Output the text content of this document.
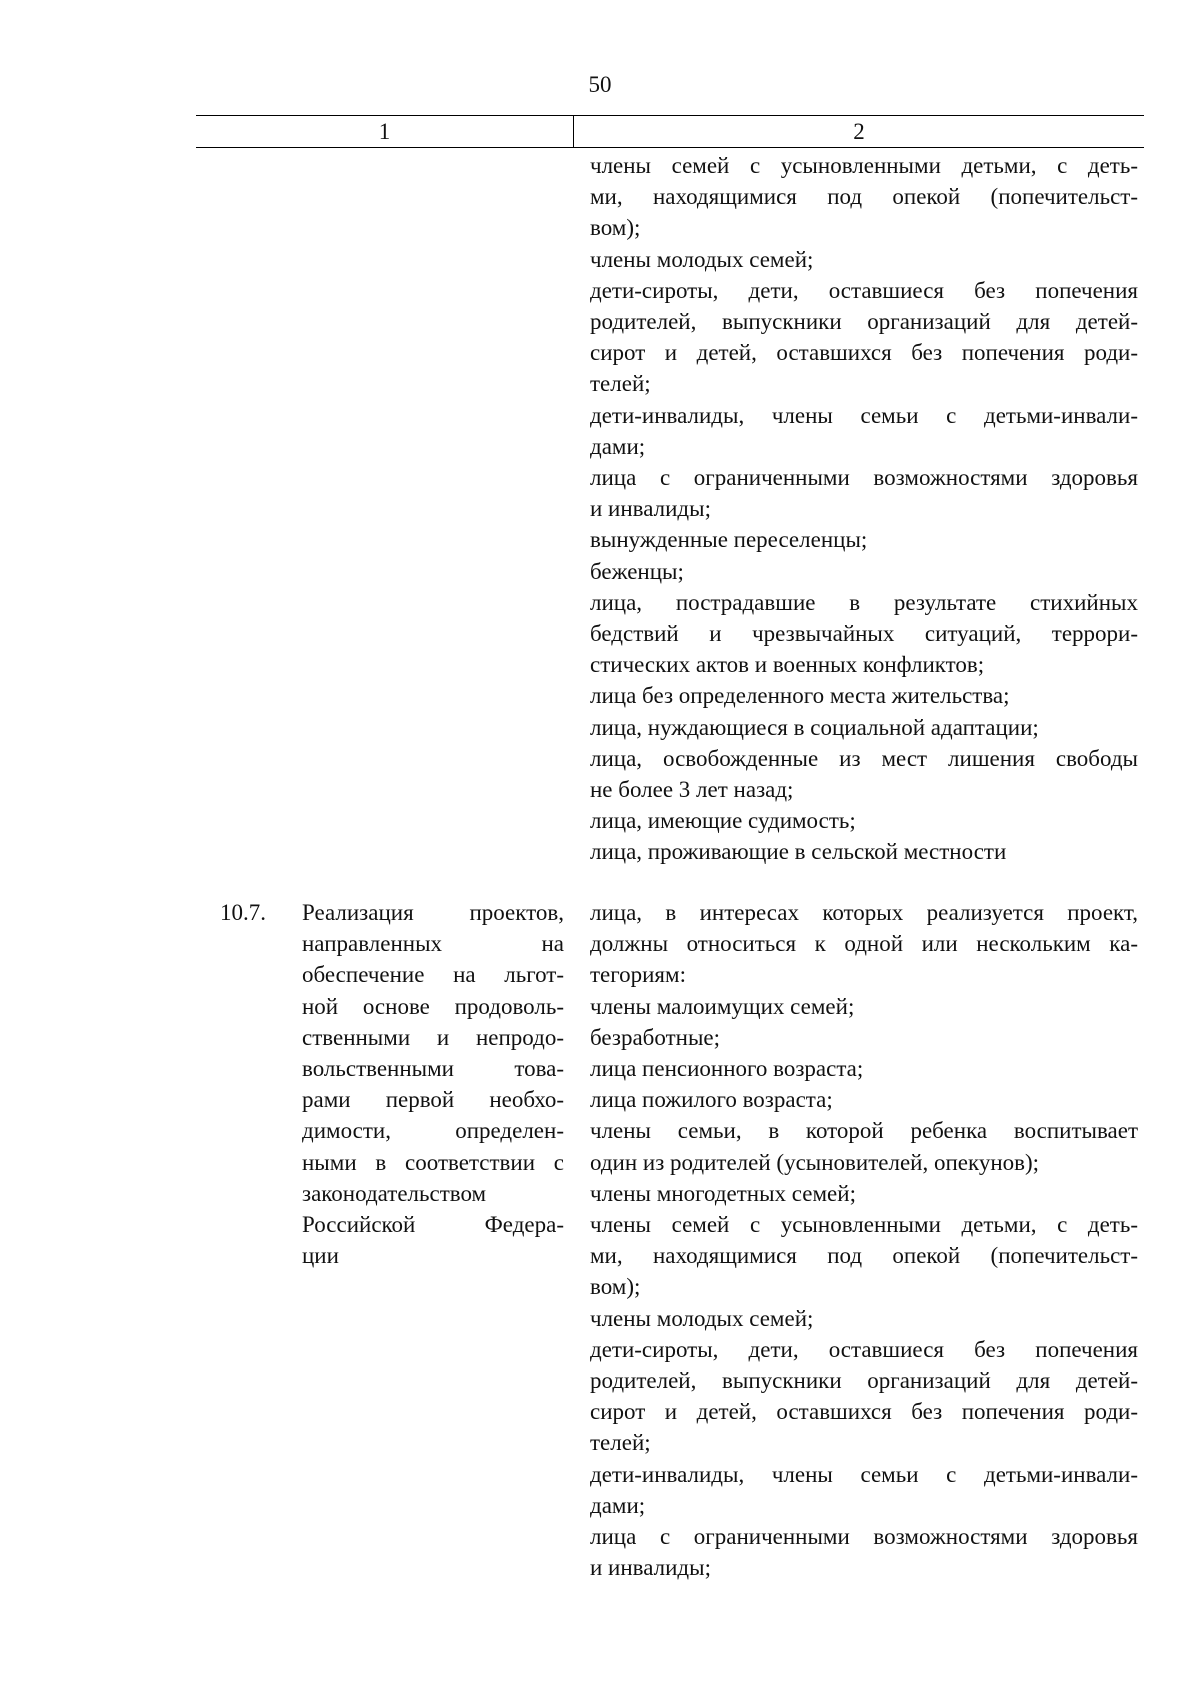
50
1	2
члены семей с усыновленными детьми, с деть-
ми, находящимися под опекой (попечительст-
вом);
члены молодых семей;
дети-сироты, дети, оставшиеся без попечения
родителей, выпускники организаций для детей-
сирот и детей, оставшихся без попечения роди-
телей;
дети-инвалиды, члены семьи с детьми-инвали-
дами;
лица с ограниченными возможностями здоровья
и инвалиды;
вынужденные переселенцы;
беженцы;
лица, пострадавшие в результате стихийных
бедствий и чрезвычайных ситуаций, террори-
стических актов и военных конфликтов;
лица без определенного места жительства;
лица, нуждающиеся в социальной адаптации;
лица, освобожденные из мест лишения свободы
не более 3 лет назад;
лица, имеющие судимость;
лица, проживающие в сельской местности
10.7. Реализация проектов,
направленных на
обеспечение на льгот-
ной основе продоволь-
ственными и непродо-
вольственными това-
рами первой необхо-
димости, определен-
ными в соответствии с
законодательством
Российской Федера-
ции
лица, в интересах которых реализуется проект,
должны относиться к одной или нескольким ка-
тегориям:
члены малоимущих семей;
безработные;
лица пенсионного возраста;
лица пожилого возраста;
члены семьи, в которой ребенка воспитывает
один из родителей (усыновителей, опекунов);
члены многодетных семей;
члены семей с усыновленными детьми, с деть-
ми, находящимися под опекой (попечительст-
вом);
члены молодых семей;
дети-сироты, дети, оставшиеся без попечения
родителей, выпускники организаций для детей-
сирот и детей, оставшихся без попечения роди-
телей;
дети-инвалиды, члены семьи с детьми-инвали-
дами;
лица с ограниченными возможностями здоровья
и инвалиды;
